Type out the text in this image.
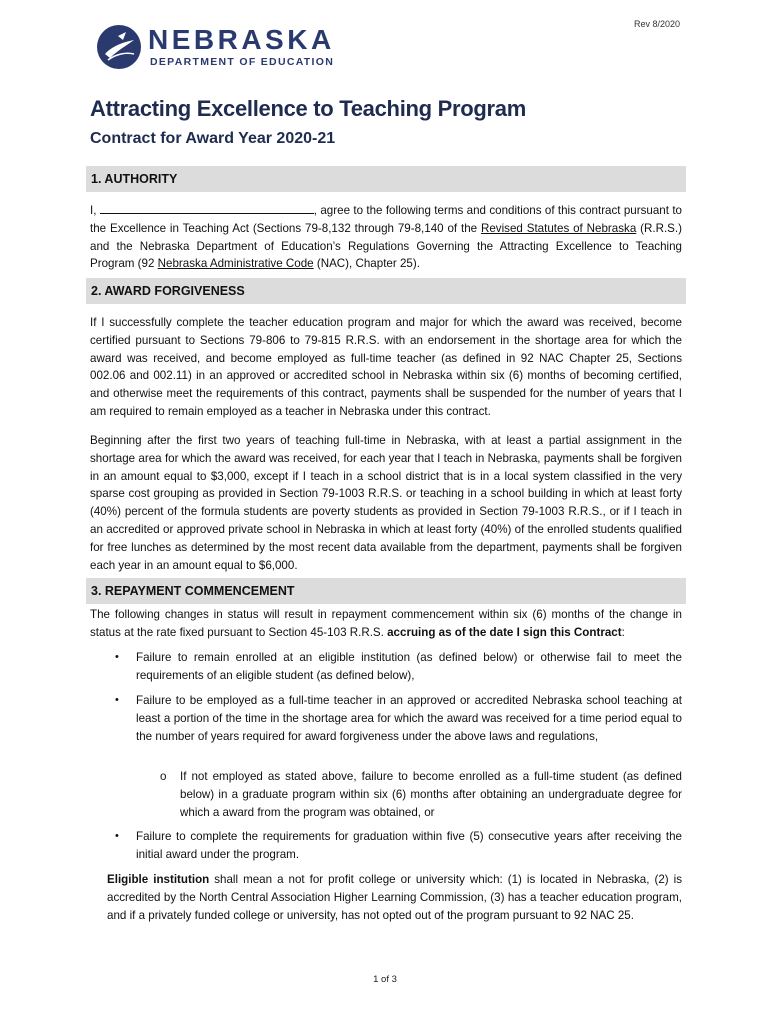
NEBRASKA
DEPARTMENT OF EDUCATION
Rev 8/2020
Attracting Excellence to Teaching Program
Contract for Award Year 2020-21
1. AUTHORITY
I,	, agree to the following terms and conditions of this contract pursuant to the Excellence in Teaching Act (Sections 79-8,132 through 79-8,140 of the Revised Statutes of Nebraska (R.R.S.) and the Nebraska Department of Education’s Regulations Governing the Attracting Excellence to Teaching Program (92 Nebraska Administrative Code (NAC), Chapter 25).
2. AWARD FORGIVENESS
If I successfully complete the teacher education program and major for which the award was received, become certified pursuant to Sections 79-806 to 79-815 R.R.S. with an endorsement in the shortage area for which the award was received, and become employed as full-time teacher (as defined in 92 NAC Chapter 25, Sections 002.06 and 002.11) in an approved or accredited school in Nebraska within six (6) months of becoming certified, and otherwise meet the requirements of this contract, payments shall be suspended for the number of years that I am required to remain employed as a teacher in Nebraska under this contract.
Beginning after the first two years of teaching full-time in Nebraska, with at least a partial assignment in the shortage area for which the award was received, for each year that I teach in Nebraska, payments shall be forgiven in an amount equal to $3,000, except if I teach in a school district that is in a local system classified in the very sparse cost grouping as provided in Section 79-1003 R.R.S. or teaching in a school building in which at least forty (40%) percent of the formula students are poverty students as provided in Section 79-1003 R.R.S., or if I teach in an accredited or approved private school in Nebraska in which at least forty (40%) of the enrolled students qualified for free lunches as determined by the most recent data available from the department, payments shall be forgiven each year in an amount equal to $6,000.
3. REPAYMENT COMMENCEMENT
The following changes in status will result in repayment commencement within six (6) months of the change in status at the rate fixed pursuant to Section 45-103 R.R.S. accruing as of the date I sign this Contract:
• Failure to remain enrolled at an eligible institution (as defined below) or otherwise fail to meet the requirements of an eligible student (as defined below),
• Failure to be employed as a full-time teacher in an approved or accredited Nebraska school teaching at least a portion of the time in the shortage area for which the award was received for a time period equal to the number of years required for award forgiveness under the above laws and regulations,
o If not employed as stated above, failure to become enrolled as a full-time student (as defined below) in a graduate program within six (6) months after obtaining an undergraduate degree for which a award from the program was obtained, or
• Failure to complete the requirements for graduation within five (5) consecutive years after receiving the initial award under the program.
Eligible institution shall mean a not for profit college or university which: (1) is located in Nebraska, (2) is accredited by the North Central Association Higher Learning Commission, (3) has a teacher education program, and if a privately funded college or university, has not opted out of the program pursuant to 92 NAC 25.
1 of 3
